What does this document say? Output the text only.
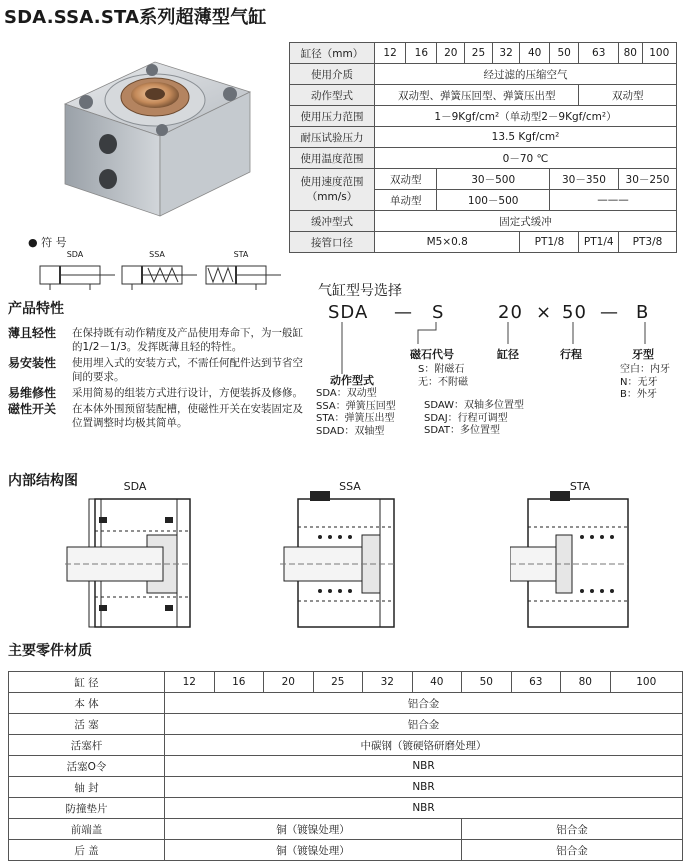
SDA.SSA.STA系列超薄型气缸
● 符 号
SDA	SSA	STA
缸径（mm）	12	16	20	25	32	40	50	63	80	100
使用介质	经过滤的压缩空气									
动作型式	双动型、弹簧压回型、弹簧压出型							双动型		
使用压力范围	1－9Kgf/cm²（单动型2－9Kgf/cm²）									
耐压试验压力	13.5 Kgf/cm²									
使用温度范围	0－70 ℃									

使用速度范围
（mm/s）	双动型		30－500				30－350		30－250	
	单动型		100－500				———			
缓冲型式	固定式缓冲									
接管口径	M5×0.8					PT1/8		PT1/4	PT3/8	
产品特性
薄且轻性	在保持既有动作精度及产品使用寿命下，为一般缸的1/2－1/3。发挥既薄且轻的特性。
易安装性	使用埋入式的安装方式，不需任何配件达到节省空间的要求。
易维修性	采用简易的组装方式进行设计，方便装拆及修修。
磁性开关	在本体外围预留装配槽，使磁性开关在安装固定及位置调整时均极其简单。
气缸型号选择
SDA — S	20 × 50 — B
磁石代号	缸径	行程	牙型
S：附磁石
无：不附磁
空白：内牙
N：无牙
B：外牙
动作型式
SDA：双动型
SSA：弹簧压回型
STA：弹簧压出型
SDAD：双轴型
SDAW：双轴多位置型
SDAJ：行程可调型
SDAT：多位置型
内部结构图	SDA	SSA	STA
主要零件材质
缸 径	12	16	20	25	32	40	50	63	80	100
本 体	铝合金									
活 塞	铝合金									
活塞杆	中碳钢（镀硬铬研磨处理）									
活塞O令	NBR									
轴 封	NBR									
防撞垫片	NBR									
前端盖	铜（镀镍处理）						铝合金			
后 盖	铜（镀镍处理）						铝合金			
